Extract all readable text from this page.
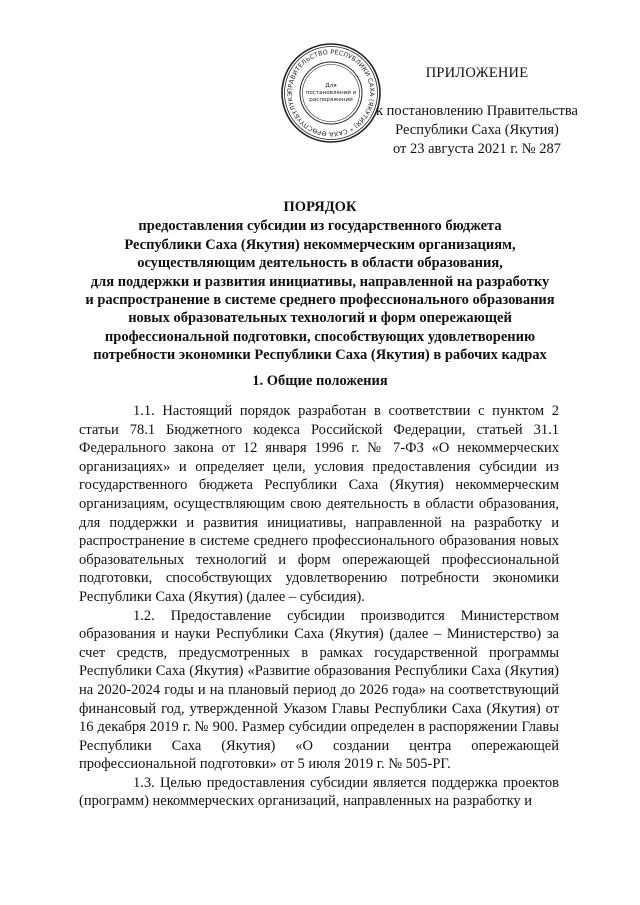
ПРАВИТЕЛЬСТВО РЕСПУБЛИКИ САХА (ЯКУТИЯ) * САХА ӨРӨСПҮҮБҮЛҮКЭ
Для
постановлений и
распоряжений
ПРИЛОЖЕНИЕ
к постановлению Правительства
Республики Саха (Якутия)
от 23 августа 2021 г. № 287
ПОРЯДОК
предоставления субсидии из государственного бюджета
Республики Саха (Якутия) некоммерческим организациям,
осуществляющим деятельность в области образования,
для поддержки и развития инициативы, направленной на разработку
и распространение в системе среднего профессионального образования
новых образовательных технологий и форм опережающей
профессиональной подготовки, способствующих удовлетворению
потребности экономики Республики Саха (Якутия) в рабочих кадрах
1. Общие положения

1.1. Настоящий порядок разработан в соответствии с пунктом 2 статьи 78.1 Бюджетного кодекса Российской Федерации, статьей 31.1 Федерального закона от 12 января 1996 г. № 7-ФЗ «О некоммерческих организациях» и определяет цели, условия предоставления субсидии из государственного бюджета Республики Саха (Якутия) некоммерческим организациям, осуществляющим свою деятельность в области образования, для поддержки и развития инициативы, направленной на разработку и распространение в системе среднего профессионального образования новых образовательных технологий и форм опережающей профессиональной подготовки, способствующих удовлетворению потребности экономики Республики Саха (Якутия) (далее – субсидия).

1.2. Предоставление субсидии производится Министерством образования и науки Республики Саха (Якутия) (далее – Министерство) за счет средств, предусмотренных в рамках государственной программы Республики Саха (Якутия) «Развитие образования Республики Саха (Якутия) на 2020-2024 годы и на плановый период до 2026 года» на соответствующий финансовый год, утвержденной Указом Главы Республики Саха (Якутия) от 16 декабря 2019 г. № 900. Размер субсидии определен в распоряжении Главы Республики Саха (Якутия) «О создании центра опережающей профессиональной подготовки» от 5 июля 2019 г. № 505-РГ.

1.3. Целью предоставления субсидии является поддержка проектов (программ) некоммерческих организаций, направленных на разработку и
